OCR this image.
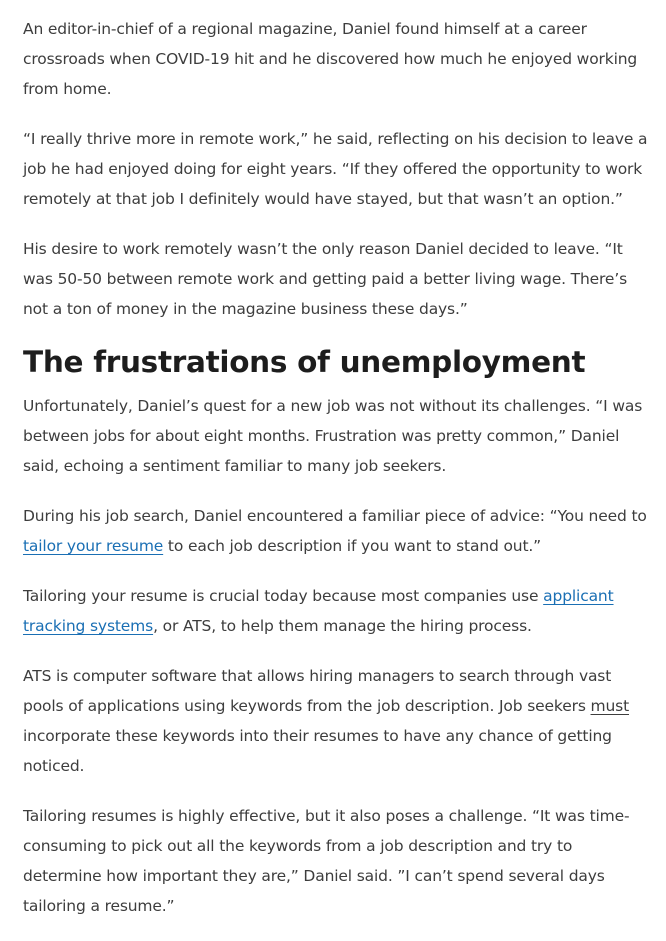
An editor-in-chief of a regional magazine, Daniel found himself at a career crossroads when COVID-19 hit and he discovered how much he enjoyed working from home.

“I really thrive more in remote work,” he said, reflecting on his decision to leave a job he had enjoyed doing for eight years. “If they offered the opportunity to work remotely at that job I definitely would have stayed, but that wasn’t an option.”

His desire to work remotely wasn’t the only reason Daniel decided to leave. “It was 50-50 between remote work and getting paid a better living wage. There’s not a ton of money in the magazine business these days.”

The frustrations of unemployment

Unfortunately, Daniel’s quest for a new job was not without its challenges. “I was between jobs for about eight months. Frustration was pretty common,” Daniel said, echoing a sentiment familiar to many job seekers.

During his job search, Daniel encountered a familiar piece of advice: “You need to tailor your resume to each job description if you want to stand out.”

Tailoring your resume is crucial today because most companies use applicant tracking systems, or ATS, to help them manage the hiring process.

ATS is computer software that allows hiring managers to search through vast pools of applications using keywords from the job description. Job seekers must incorporate these keywords into their resumes to have any chance of getting noticed.

Tailoring resumes is highly effective, but it also poses a challenge. “It was time-consuming to pick out all the keywords from a job description and try to determine how important they are,” Daniel said. ”I can’t spend several days tailoring a resume.”
